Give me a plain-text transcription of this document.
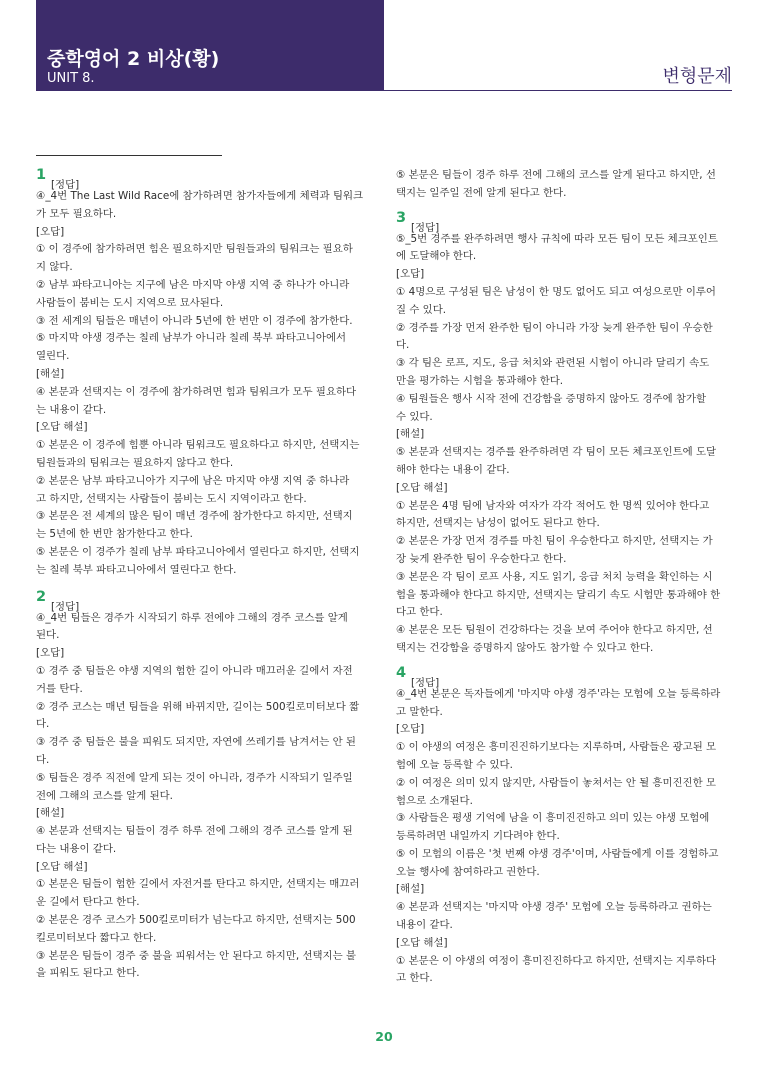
중학영어 2 비상(황)
UNIT 8.	변형문제
1
[정답]
④_4번 The Last Wild Race에 참가하려면 참가자들에게 체력과 팀워크
가 모두 필요하다.
[오답]
① 이 경주에 참가하려면 힘은 필요하지만 팀원들과의 팀워크는 필요하
지 않다.
② 남부 파타고니아는 지구에 남은 마지막 야생 지역 중 하나가 아니라
사람들이 붐비는 도시 지역으로 묘사된다.
③ 전 세계의 팀들은 매년이 아니라 5년에 한 번만 이 경주에 참가한다.
⑤ 마지막 야생 경주는 칠레 남부가 아니라 칠레 북부 파타고니아에서
열린다.
[해설]
④ 본문과 선택지는 이 경주에 참가하려면 힘과 팀워크가 모두 필요하다
는 내용이 같다.
[오답 해설]
① 본문은 이 경주에 힘뿐 아니라 팀워크도 필요하다고 하지만, 선택지는
팀원들과의 팀워크는 필요하지 않다고 한다.
② 본문은 남부 파타고니아가 지구에 남은 마지막 야생 지역 중 하나라
고 하지만, 선택지는 사람들이 붐비는 도시 지역이라고 한다.
③ 본문은 전 세계의 많은 팀이 매년 경주에 참가한다고 하지만, 선택지
는 5년에 한 번만 참가한다고 한다.
⑤ 본문은 이 경주가 칠레 남부 파타고니아에서 열린다고 하지만, 선택지
는 칠레 북부 파타고니아에서 열린다고 한다.
2
[정답]
④_4번 팀들은 경주가 시작되기 하루 전에야 그해의 경주 코스를 알게
된다.
[오답]
① 경주 중 팀들은 야생 지역의 험한 길이 아니라 매끄러운 길에서 자전
거를 탄다.
② 경주 코스는 매년 팀들을 위해 바뀌지만, 길이는 500킬로미터보다 짧
다.
③ 경주 중 팀들은 불을 피워도 되지만, 자연에 쓰레기를 남겨서는 안 된
다.
⑤ 팀들은 경주 직전에 알게 되는 것이 아니라, 경주가 시작되기 일주일
전에 그해의 코스를 알게 된다.
[해설]
④ 본문과 선택지는 팀들이 경주 하루 전에 그해의 경주 코스를 알게 된
다는 내용이 같다.
[오답 해설]
① 본문은 팀들이 험한 길에서 자전거를 탄다고 하지만, 선택지는 매끄러
운 길에서 탄다고 한다.
② 본문은 경주 코스가 500킬로미터가 넘는다고 하지만, 선택지는 500
킬로미터보다 짧다고 한다.
③ 본문은 팀들이 경주 중 불을 피워서는 안 된다고 하지만, 선택지는 불
을 피워도 된다고 한다.
⑤ 본문은 팀들이 경주 하루 전에 그해의 코스를 알게 된다고 하지만, 선
택지는 일주일 전에 알게 된다고 한다.
3
[정답]
⑤_5번 경주를 완주하려면 행사 규칙에 따라 모든 팀이 모든 체크포인트
에 도달해야 한다.
[오답]
① 4명으로 구성된 팀은 남성이 한 명도 없어도 되고 여성으로만 이루어
질 수 있다.
② 경주를 가장 먼저 완주한 팀이 아니라 가장 늦게 완주한 팀이 우승한
다.
③ 각 팀은 로프, 지도, 응급 처치와 관련된 시험이 아니라 달리기 속도
만을 평가하는 시험을 통과해야 한다.
④ 팀원들은 행사 시작 전에 건강함을 증명하지 않아도 경주에 참가할
수 있다.
[해설]
⑤ 본문과 선택지는 경주를 완주하려면 각 팀이 모든 체크포인트에 도달
해야 한다는 내용이 같다.
[오답 해설]
① 본문은 4명 팀에 남자와 여자가 각각 적어도 한 명씩 있어야 한다고
하지만, 선택지는 남성이 없어도 된다고 한다.
② 본문은 가장 먼저 경주를 마친 팀이 우승한다고 하지만, 선택지는 가
장 늦게 완주한 팀이 우승한다고 한다.
③ 본문은 각 팀이 로프 사용, 지도 읽기, 응급 처치 능력을 확인하는 시
험을 통과해야 한다고 하지만, 선택지는 달리기 속도 시험만 통과해야 한
다고 한다.
④ 본문은 모든 팀원이 건강하다는 것을 보여 주어야 한다고 하지만, 선
택지는 건강함을 증명하지 않아도 참가할 수 있다고 한다.
4
[정답]
④_4번 본문은 독자들에게 '마지막 야생 경주'라는 모험에 오늘 등록하라
고 말한다.
[오답]
① 이 야생의 여정은 흥미진진하기보다는 지루하며, 사람들은 광고된 모
험에 오늘 등록할 수 있다.
② 이 여정은 의미 있지 않지만, 사람들이 놓쳐서는 안 될 흥미진진한 모
험으로 소개된다.
③ 사람들은 평생 기억에 남을 이 흥미진진하고 의미 있는 야생 모험에
등록하려면 내일까지 기다려야 한다.
⑤ 이 모험의 이름은 '첫 번째 야생 경주'이며, 사람들에게 이를 경험하고
오늘 행사에 참여하라고 권한다.
[해설]
④ 본문과 선택지는 '마지막 야생 경주' 모험에 오늘 등록하라고 권하는
내용이 같다.
[오답 해설]
① 본문은 이 야생의 여정이 흥미진진하다고 하지만, 선택지는 지루하다
고 한다.
20
